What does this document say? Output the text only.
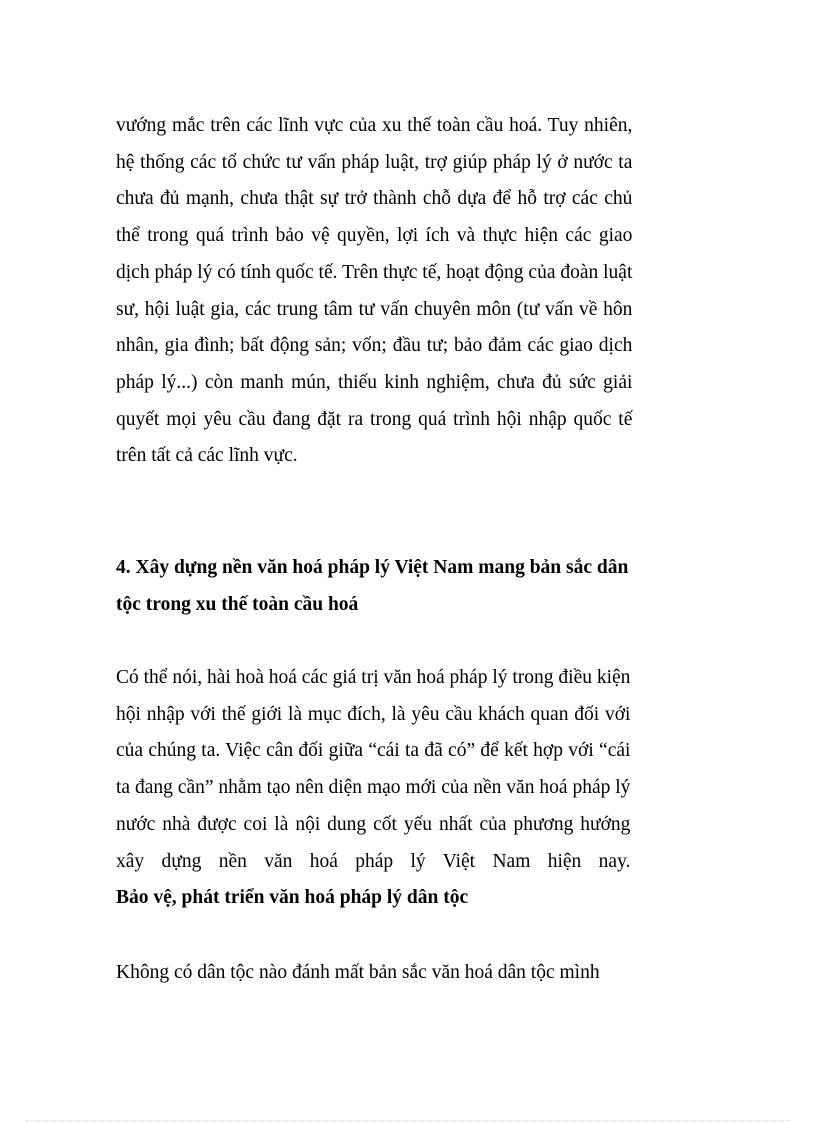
vướng mắc trên các lĩnh vực của xu thế toàn cầu hoá. Tuy nhiên,
hệ thống các tổ chức tư vấn pháp luật, trợ giúp pháp lý ở nước ta
chưa đủ mạnh, chưa thật sự trở thành chỗ dựa để hỗ trợ các chủ
thể trong quá trình bảo vệ quyền, lợi ích và thực hiện các giao
dịch pháp lý có tính quốc tế. Trên thực tế, hoạt động của đoàn luật
sư, hội luật gia, các trung tâm tư vấn chuyên môn (tư vấn về hôn
nhân, gia đình; bất động sản; vốn; đầu tư; bảo đảm các giao dịch
pháp lý...) còn manh mún, thiếu kinh nghiệm, chưa đủ sức giải
quyết mọi yêu cầu đang đặt ra trong quá trình hội nhập quốc tế
trên tất cả các lĩnh vực.

4. Xây dựng nền văn hoá pháp lý Việt Nam mang bản sắc dân
tộc trong xu thế toàn cầu hoá

Có thể nói, hài hoà hoá các giá trị văn hoá pháp lý trong điều kiện
hội nhập với thế giới là mục đích, là yêu cầu khách quan đối với
của chúng ta. Việc cân đối giữa “cái ta đã có” để kết hợp với “cái
ta đang cần” nhằm tạo nên diện mạo mới của nền văn hoá pháp lý
nước nhà được coi là nội dung cốt yếu nhất của phương hướng
xây dựng nền văn hoá pháp lý Việt Nam hiện nay.
Bảo vệ, phát triển văn hoá pháp lý dân tộc

Không có dân tộc nào đánh mất bản sắc văn hoá dân tộc mình
